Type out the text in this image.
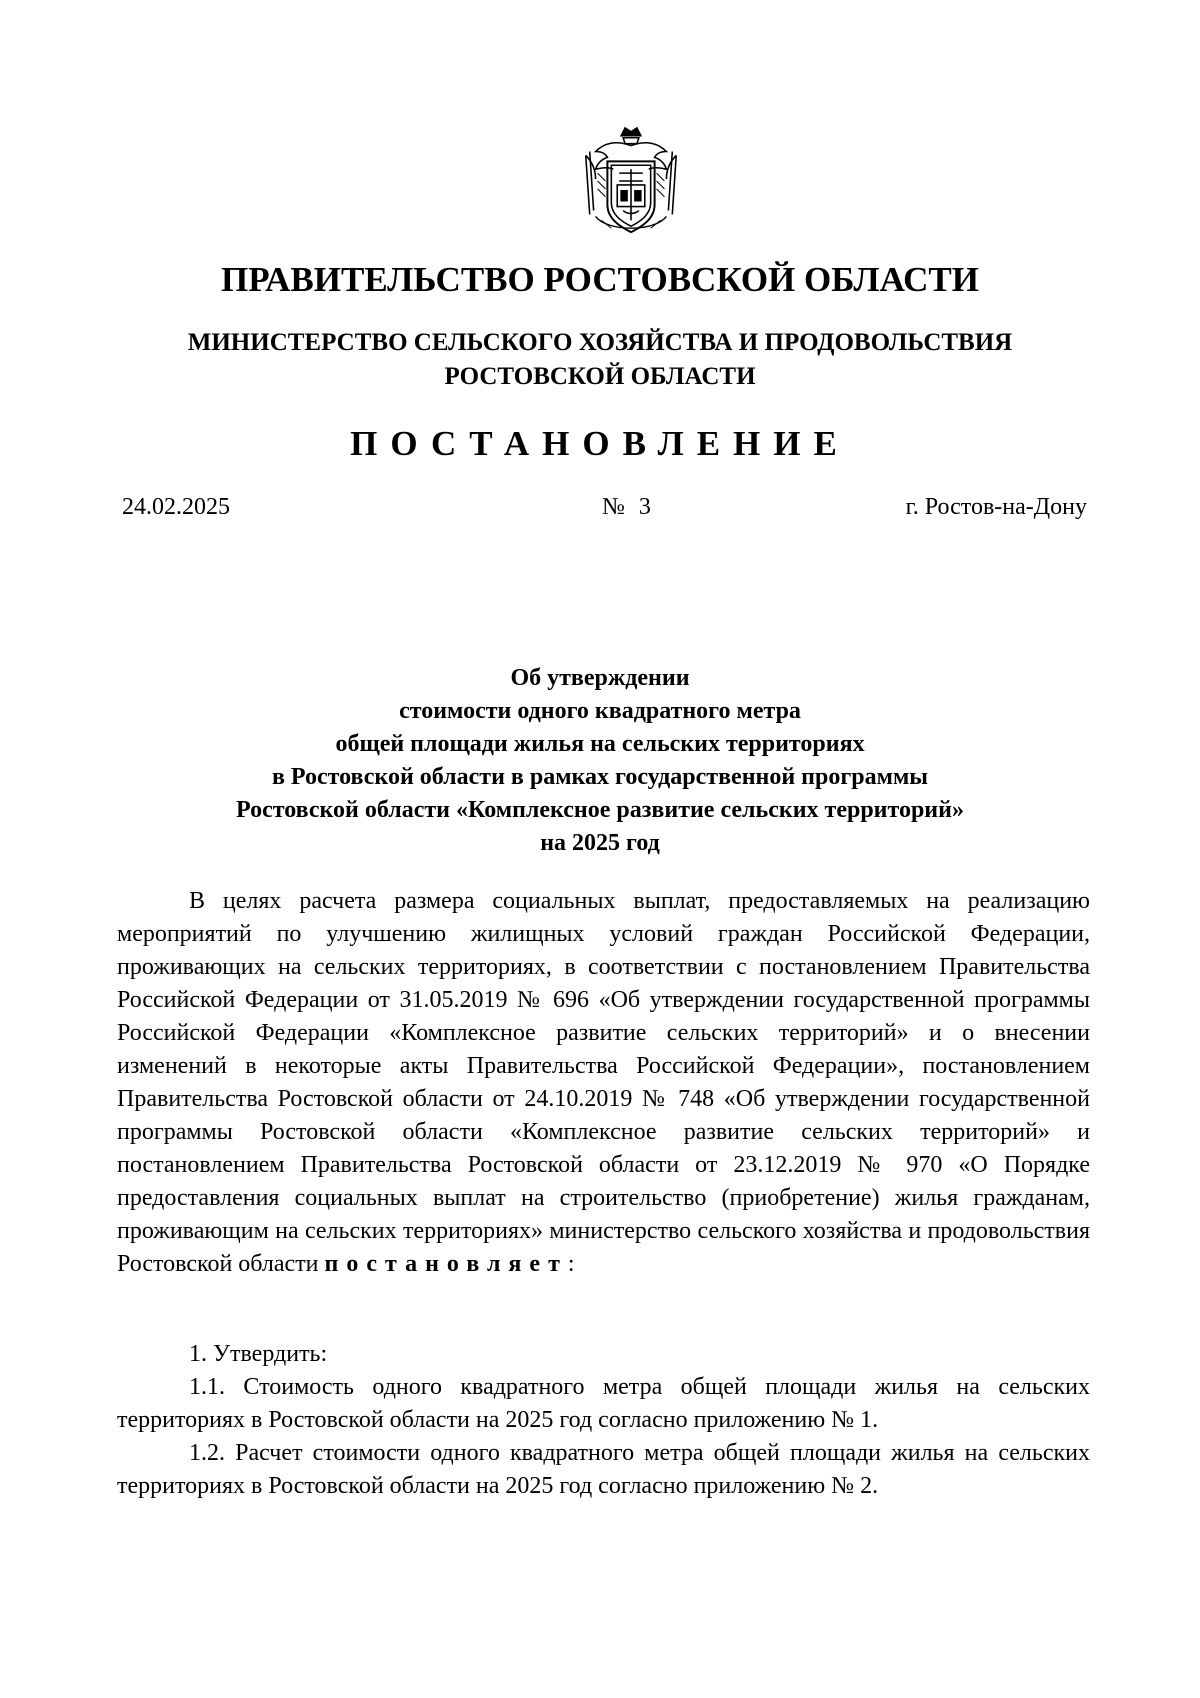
ПРАВИТЕЛЬСТВО РОСТОВСКОЙ ОБЛАСТИ
МИНИСТЕРСТВО СЕЛЬСКОГО ХОЗЯЙСТВА И ПРОДОВОЛЬСТВИЯ
РОСТОВСКОЙ ОБЛАСТИ
ПОСТАНОВЛЕНИЕ
24.02.2025	№ 3	г. Ростов-на-Дону
Об утверждении
стоимости одного квадратного метра
общей площади жилья на сельских территориях
в Ростовской области в рамках государственной программы
Ростовской области «Комплексное развитие сельских территорий»
на 2025 год

В целях расчета размера социальных выплат, предоставляемых на реализацию мероприятий по улучшению жилищных условий граждан Российской Федерации, проживающих на сельских территориях, в соответствии с постановлением Правительства Российской Федерации от 31.05.2019 № 696 «Об утверждении государственной программы Российской Федерации «Комплексное развитие сельских территорий» и о внесении изменений в некоторые акты Правительства Российской Федерации», постановлением Правительства Ростовской области от 24.10.2019 № 748 «Об утверждении государственной программы Ростовской области «Комплексное развитие сельских территорий» и постановлением Правительства Ростовской области от 23.12.2019 № 970 «О Порядке предоставления социальных выплат на строительство (приобретение) жилья гражданам, проживающим на сельских территориях» министерство сельского хозяйства и продовольствия Ростовской области постановляет:

1. Утвердить:

1.1. Стоимость одного квадратного метра общей площади жилья на сельских территориях в Ростовской области на 2025 год согласно приложению № 1.

1.2. Расчет стоимости одного квадратного метра общей площади жилья на сельских территориях в Ростовской области на 2025 год согласно приложению № 2.
